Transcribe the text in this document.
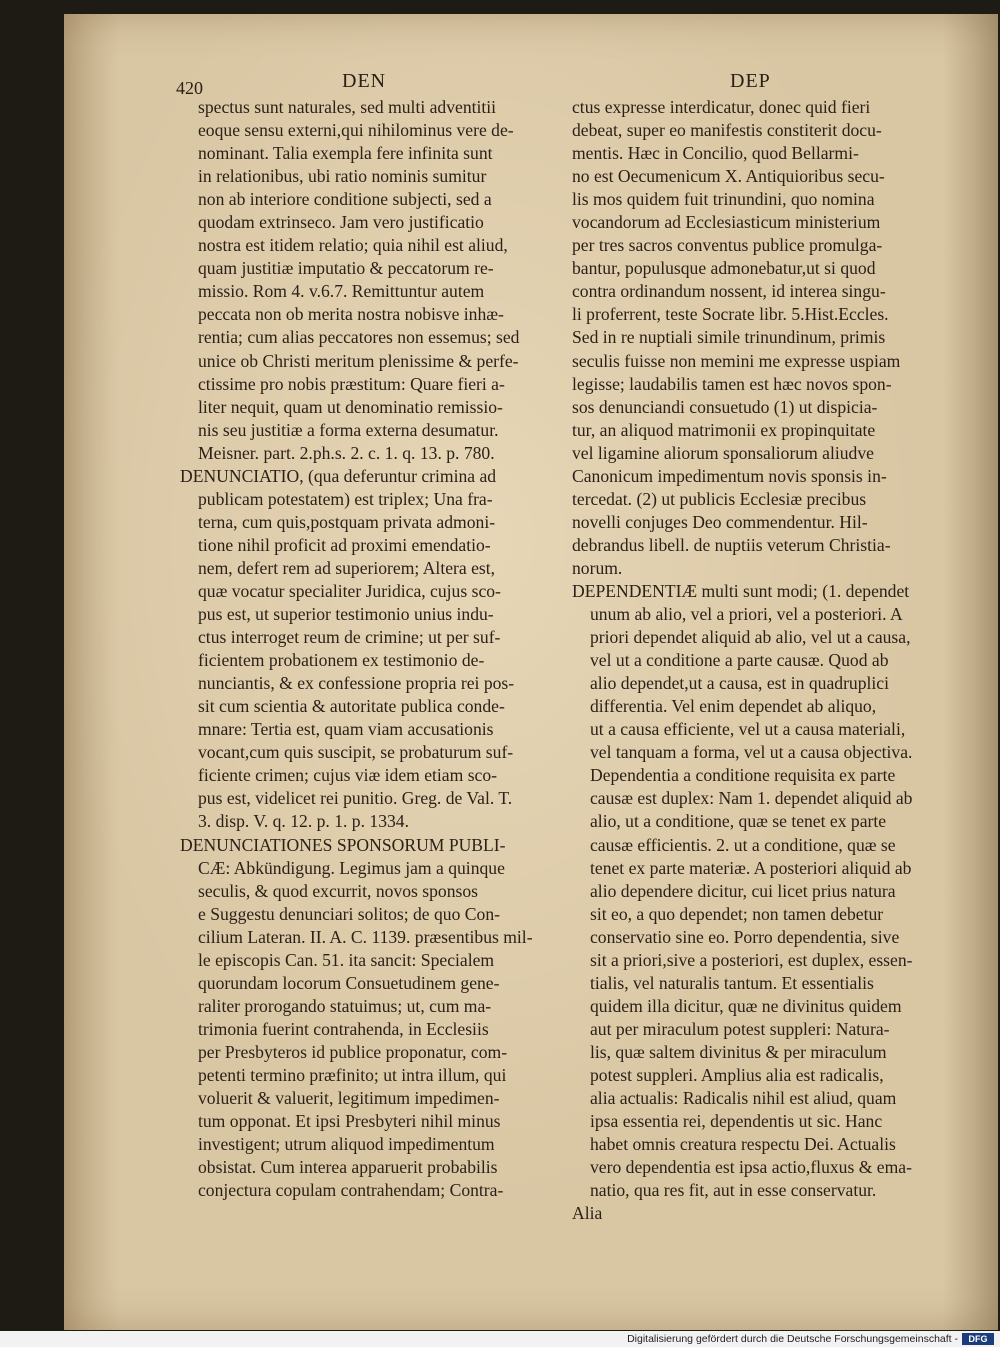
420	DEN	DEP
spectus sunt naturales, sed multi adventitii
eoque sensu externi,qui nihilominus vere de-
nominant. Talia exempla fere infinita sunt
in relationibus, ubi ratio nominis sumitur
non ab interiore conditione subjecti, sed a
quodam extrinseco. Jam vero justificatio
nostra est itidem relatio; quia nihil est aliud,
quam justitiæ imputatio & peccatorum re-
missio. Rom 4. v.6.7. Remittuntur autem
peccata non ob merita nostra nobisve inhæ-
rentia; cum alias peccatores non essemus; sed
unice ob Christi meritum plenissime & perfe-
ctissime pro nobis præstitum: Quare fieri a-
liter nequit, quam ut denominatio remissio-
nis seu justitiæ a forma externa desumatur.
Meisner. part. 2.ph.s. 2. c. 1. q. 13. p. 780.
DENUNCIATIO, (qua deferuntur crimina ad
publicam potestatem) est triplex; Una fra-
terna, cum quis,postquam privata admoni-
tione nihil proficit ad proximi emendatio-
nem, defert rem ad superiorem; Altera est,
quæ vocatur specialiter Juridica, cujus sco-
pus est, ut superior testimonio unius indu-
ctus interroget reum de crimine; ut per suf-
ficientem probationem ex testimonio de-
nunciantis, & ex confessione propria rei pos-
sit cum scientia & autoritate publica conde-
mnare: Tertia est, quam viam accusationis
vocant,cum quis suscipit, se probaturum suf-
ficiente crimen; cujus viæ idem etiam sco-
pus est, videlicet rei punitio. Greg. de Val. T.
3. disp. V. q. 12. p. 1. p. 1334.
DENUNCIATIONES SPONSORUM PUBLI-
CÆ: Abkündigung. Legimus jam a quinque
seculis, & quod excurrit, novos sponsos
e Suggestu denunciari solitos; de quo Con-
cilium Lateran. II. A. C. 1139. præsentibus mil-
le episcopis Can. 51. ita sancit: Specialem
quorundam locorum Consuetudinem gene-
raliter prorogando statuimus; ut, cum ma-
trimonia fuerint contrahenda, in Ecclesiis
per Presbyteros id publice proponatur, com-
petenti termino præfinito; ut intra illum, qui
voluerit & valuerit, legitimum impedimen-
tum opponat. Et ipsi Presbyteri nihil minus
investigent; utrum aliquod impedimentum
obsistat. Cum interea apparuerit probabilis
conjectura copulam contrahendam; Contra-
ctus expresse interdicatur, donec quid fieri
debeat, super eo manifestis constiterit docu-
mentis. Hæc in Concilio, quod Bellarmi-
no est Oecumenicum X. Antiquioribus secu-
lis mos quidem fuit trinundini, quo nomina
vocandorum ad Ecclesiasticum ministerium
per tres sacros conventus publice promulga-
bantur, populusque admonebatur,ut si quod
contra ordinandum nossent, id interea singu-
li proferrent, teste Socrate libr. 5.Hist.Eccles.
Sed in re nuptiali simile trinundinum, primis
seculis fuisse non memini me expresse uspiam
legisse; laudabilis tamen est hæc novos spon-
sos denunciandi consuetudo (1) ut dispicia-
tur, an aliquod matrimonii ex propinquitate
vel ligamine aliorum sponsaliorum aliudve
Canonicum impedimentum novis sponsis in-
tercedat. (2) ut publicis Ecclesiæ precibus
novelli conjuges Deo commendentur. Hil-
debrandus libell. de nuptiis veterum Christia-
norum.
DEPENDENTIÆ multi sunt modi; (1. dependet
unum ab alio, vel a priori, vel a posteriori. A
priori dependet aliquid ab alio, vel ut a causa,
vel ut a conditione a parte causæ. Quod ab
alio dependet,ut a causa, est in quadruplici
differentia. Vel enim dependet ab aliquo,
ut a causa efficiente, vel ut a causa materiali,
vel tanquam a forma, vel ut a causa objectiva.
Dependentia a conditione requisita ex parte
causæ est duplex: Nam 1. dependet aliquid ab
alio, ut a conditione, quæ se tenet ex parte
causæ efficientis. 2. ut a conditione, quæ se
tenet ex parte materiæ. A posteriori aliquid ab
alio dependere dicitur, cui licet prius natura
sit eo, a quo dependet; non tamen debetur
conservatio sine eo. Porro dependentia, sive
sit a priori,sive a posteriori, est duplex, essen-
tialis, vel naturalis tantum. Et essentialis
quidem illa dicitur, quæ ne divinitus quidem
aut per miraculum potest suppleri: Natura-
lis, quæ saltem divinitus & per miraculum
potest suppleri. Amplius alia est radicalis,
alia actualis: Radicalis nihil est aliud, quam
ipsa essentia rei, dependentis ut sic. Hanc
habet omnis creatura respectu Dei. Actualis
vero dependentia est ipsa actio,fluxus & ema-
natio, qua res fit, aut in esse conservatur.
Alia
Digitalisierung gefördert durch die Deutsche Forschungsgemeinschaft -	DFG
